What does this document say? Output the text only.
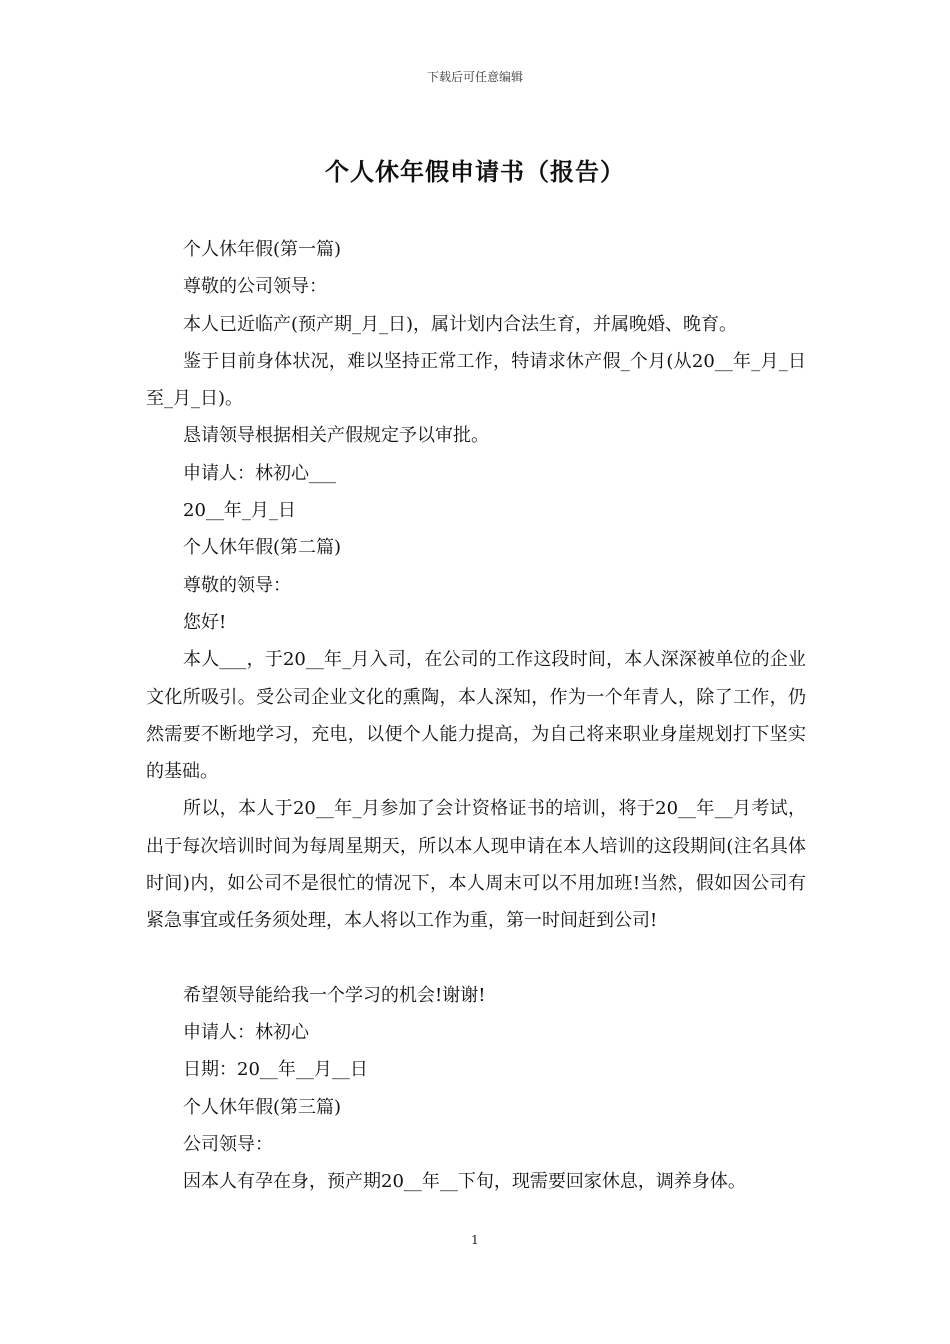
下载后可任意编辑
个人休年假申请书（报告）

个人休年假(第一篇)

尊敬的公司领导：

本人已近临产(预产期_月_日)，属计划内合法生育，并属晚婚、晚育。

鉴于目前身体状况，难以坚持正常工作，特请求休产假_个月(从20__年_月_日至_月_日)。

恳请领导根据相关产假规定予以审批。

申请人：林初心___

20__年_月_日

个人休年假(第二篇)

尊敬的领导：

您好!

本人___，于20__年_月入司，在公司的工作这段时间，本人深深被单位的企业文化所吸引。受公司企业文化的熏陶，本人深知，作为一个年青人，除了工作，仍然需要不断地学习，充电，以便个人能力提高，为自己将来职业身崖规划打下坚实的基础。

所以，本人于20__年_月参加了会计资格证书的培训，将于20__年__月考试，出于每次培训时间为每周星期天，所以本人现申请在本人培训的这段期间(注名具体时间)内，如公司不是很忙的情况下，本人周末可以不用加班!当然，假如因公司有紧急事宜或任务须处理，本人将以工作为重，第一时间赶到公司!

希望领导能给我一个学习的机会!谢谢!

申请人：林初心

日期：20__年__月__日

个人休年假(第三篇)

公司领导：

因本人有孕在身，预产期20__年__下旬，现需要回家休息，调养身体。

1
